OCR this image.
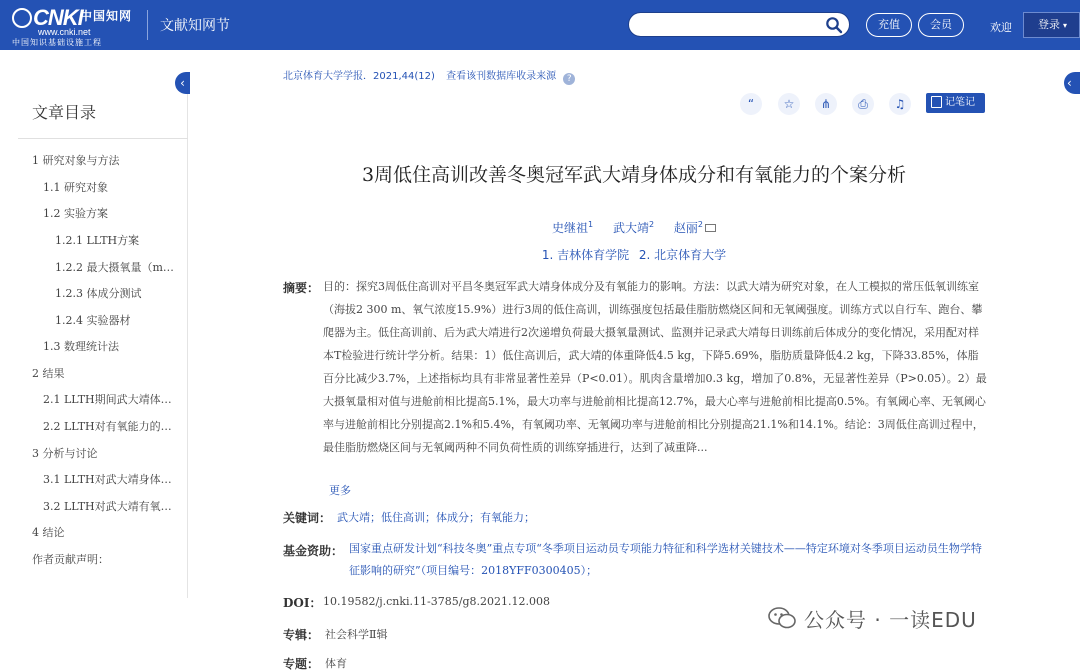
CNKI
中国知网
www.cnki.net
中国知识基础设施工程
文献知网节	充值	会员	欢迎	登录 ▾
文章目录
1 研究对象与方法
1.1 研究对象
1.2 实验方案
1.2.1 LLTH方案
1.2.2 最大摄氧量（ma…
1.2.3 体成分测试
1.2.4 实验器材
1.3 数理统计法
2 结果
2.1 LLTH期间武大靖体…
2.2 LLTH对有氧能力的…
3 分析与讨论
3.1 LLTH对武大靖身体…
3.2 LLTH对武大靖有氧…
4 结论
作者贡献声明：
‹	‹
北京体育大学学报．2021,44(12) 查看该刊数据库收录来源 ?
“	☆	⋔	⎙	♫	记笔记
3周低住高训改善冬奥冠军武大靖身体成分和有氧能力的个案分析
史继祖$^1$ 武大靖$^2$ 赵丽$^2$
1. 吉林体育学院 2. 北京体育大学
摘要： 目的：探究3周低住高训对平昌冬奥冠军武大靖身体成分及有氧能力的影响。方法：以武大靖为研究对象，在人工模拟的常压低氧训练室（海拔2 300 m、氧气浓度15.9%）进行3周的低住高训，训练强度包括最佳脂肪燃烧区间和无氧阈强度。训练方式以自行车、跑台、攀爬器为主。低住高训前、后为武大靖进行2次递增负荷最大摄氧量测试、监测并记录武大靖每日训练前后体成分的变化情况，采用配对样本T检验进行统计学分析。结果：1）低住高训后，武大靖的体重降低4.5 kg，下降5.69%，脂肪质量降低4.2 kg，下降33.85%，体脂百分比减少3.7%，上述指标均具有非常显著性差异（P<0.01）。肌肉含量增加0.3 kg，增加了0.8%，无显著性差异（P>0.05）。2）最大摄氧量相对值与进舱前相比提高5.1%，最大功率与进舱前相比提高12.7%，最大心率与进舱前相比提高0.5%。有氧阈心率、无氧阈心率与进舱前相比分别提高2.1%和5.4%，有氧阈功率、无氧阈功率与进舱前相比分别提高21.1%和14.1%。结论：3周低住高训过程中，最佳脂肪燃烧区间与无氧阈两种不同负荷性质的训练穿插进行，达到了减重降...
更多
关键词： 武大靖；低住高训；体成分；有氧能力；
基金资助： 国家重点研发计划“科技冬奥”重点专项“冬季项目运动员专项能力特征和科学选材关键技术——特定环境对冬季项目运动员生物学特征影响的研究”（项目编号：2018YFF0300405）；
DOI： 10.19582/j.cnki.11-3785/g8.2021.12.008
专辑： 社会科学Ⅱ辑
专题： 体育
公众号 · 一读EDU
